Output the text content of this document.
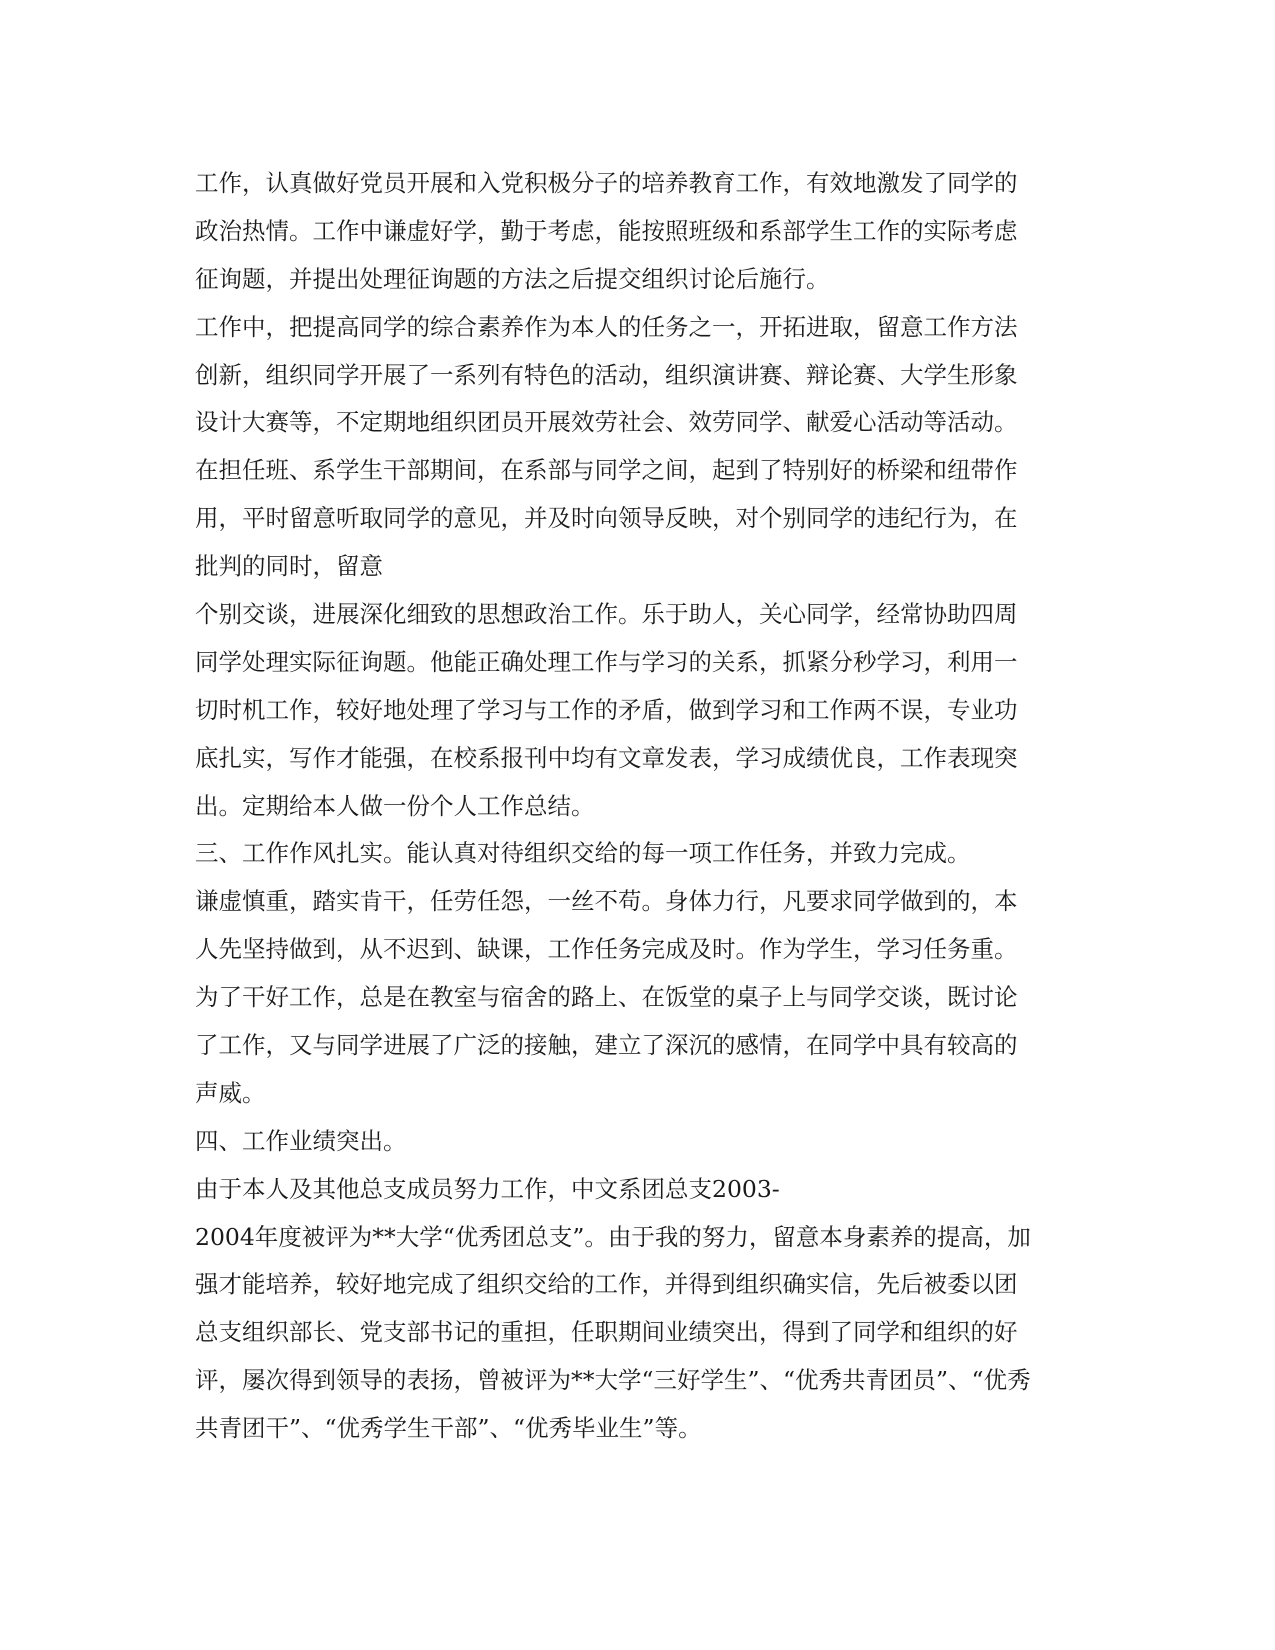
工作，认真做好党员开展和入党积极分子的培养教育工作，有效地激发了同学的
政治热情。工作中谦虚好学，勤于考虑，能按照班级和系部学生工作的实际考虑
征询题，并提出处理征询题的方法之后提交组织讨论后施行。
工作中，把提高同学的综合素养作为本人的任务之一，开拓进取，留意工作方法
创新，组织同学开展了一系列有特色的活动，组织演讲赛、辩论赛、大学生形象
设计大赛等，不定期地组织团员开展效劳社会、效劳同学、献爱心活动等活动。
在担任班、系学生干部期间，在系部与同学之间，起到了特别好的桥梁和纽带作
用，平时留意听取同学的意见，并及时向领导反映，对个别同学的违纪行为，在
批判的同时，留意
个别交谈，进展深化细致的思想政治工作。乐于助人，关心同学，经常协助四周
同学处理实际征询题。他能正确处理工作与学习的关系，抓紧分秒学习，利用一
切时机工作，较好地处理了学习与工作的矛盾，做到学习和工作两不误，专业功
底扎实，写作才能强，在校系报刊中均有文章发表，学习成绩优良，工作表现突
出。定期给本人做一份个人工作总结。
三、工作作风扎实。能认真对待组织交给的每一项工作任务，并致力完成。
谦虚慎重，踏实肯干，任劳任怨，一丝不苟。身体力行，凡要求同学做到的，本
人先坚持做到，从不迟到、缺课，工作任务完成及时。作为学生，学习任务重。
为了干好工作，总是在教室与宿舍的路上、在饭堂的桌子上与同学交谈，既讨论
了工作，又与同学进展了广泛的接触，建立了深沉的感情，在同学中具有较高的
声威。
四、工作业绩突出。
由于本人及其他总支成员努力工作，中文系团总支2003-
2004年度被评为**大学“优秀团总支”。由于我的努力，留意本身素养的提高，加
强才能培养，较好地完成了组织交给的工作，并得到组织确实信，先后被委以团
总支组织部长、党支部书记的重担，任职期间业绩突出，得到了同学和组织的好
评，屡次得到领导的表扬，曾被评为**大学“三好学生”、“优秀共青团员”、“优秀
共青团干”、“优秀学生干部”、“优秀毕业生”等。
